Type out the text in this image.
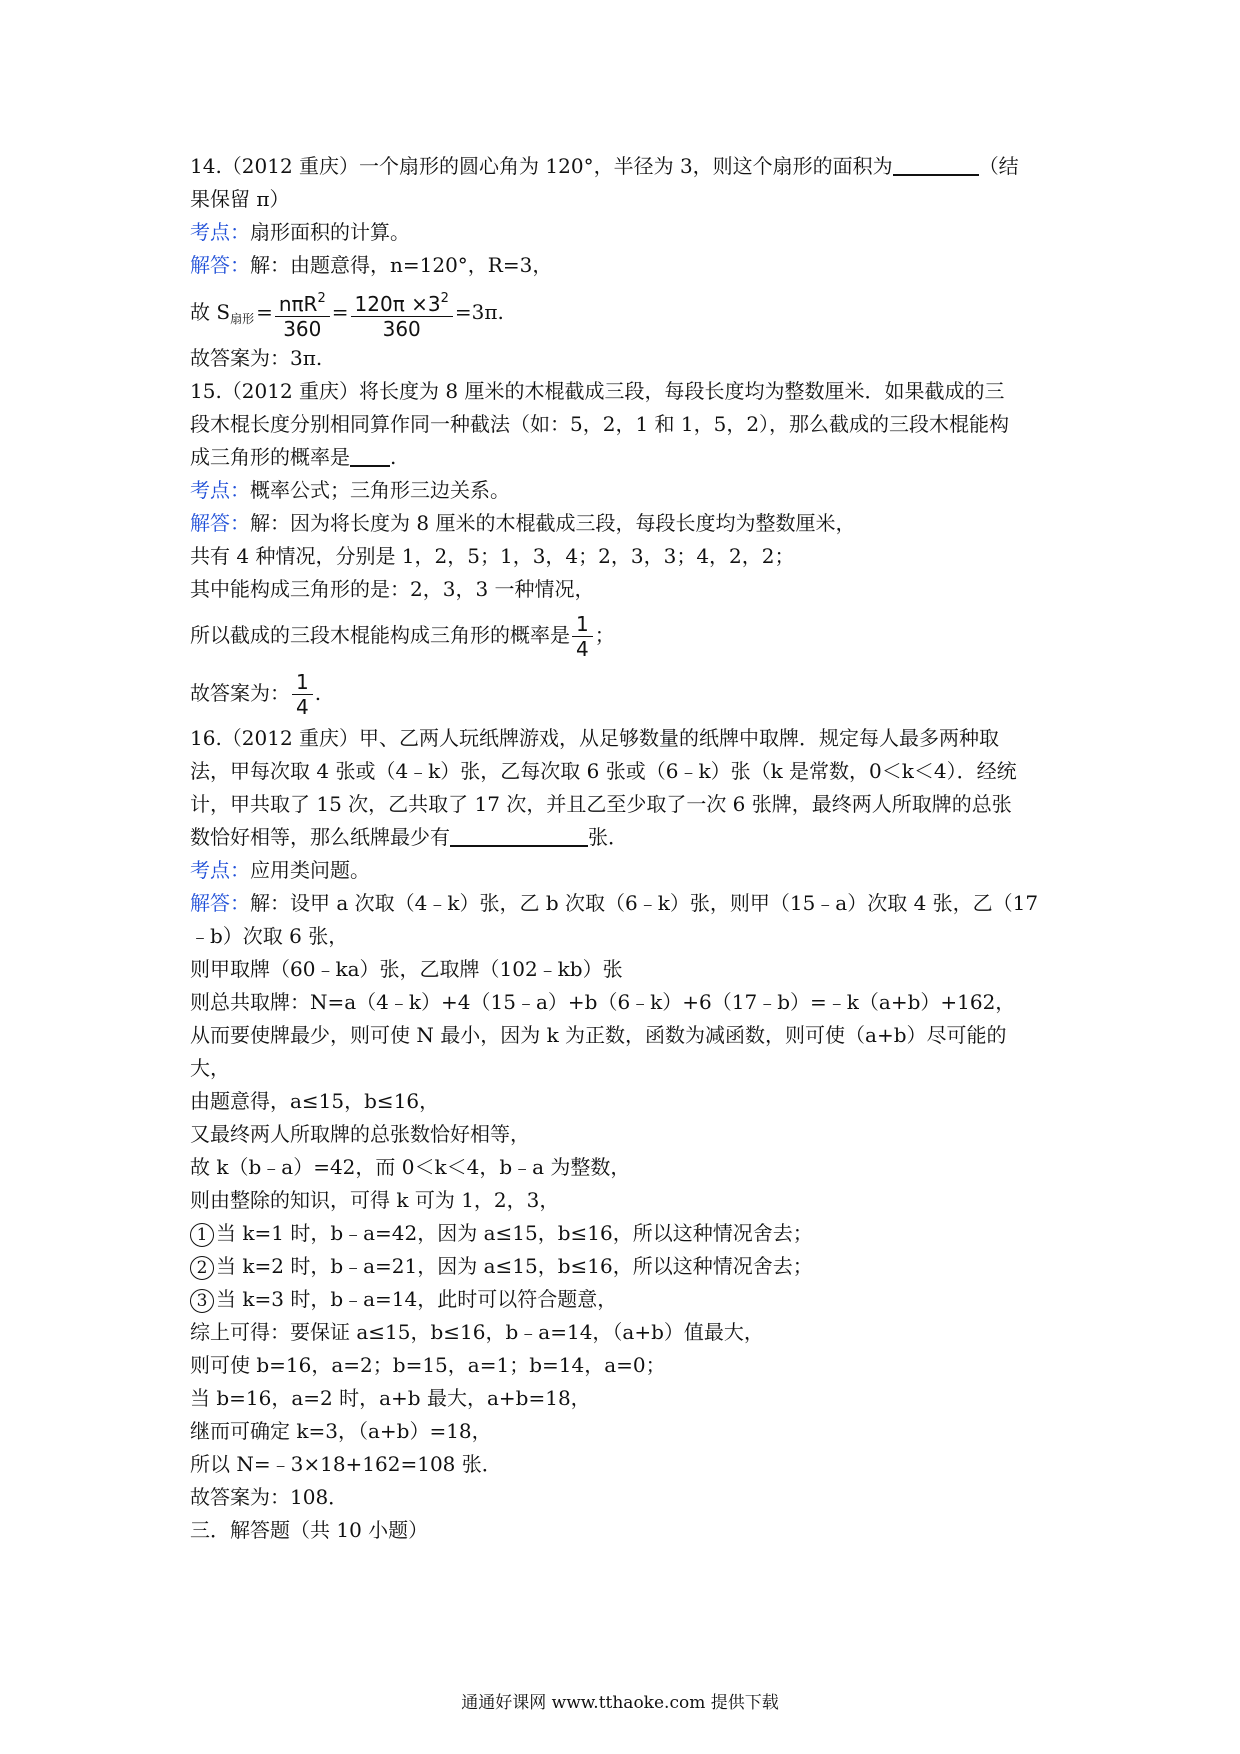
14.（2012 重庆）一个扇形的圆心角为 120°，半径为 3，则这个扇形的面积为	（结
果保留 π）
考点：扇形面积的计算。
解答：解：由题意得，n=120°，R=3，
故 $S_{扇形} = \frac{n\pi R^2}{360} = \frac{120\pi \times 3^2}{360} =3\pi$.
故答案为：3π.
15.（2012 重庆）将长度为 8 厘米的木棍截成三段，每段长度均为整数厘米．如果截成的三
段木棍长度分别相同算作同一种截法（如：5，2，1 和 1，5，2），那么截成的三段木棍能构
成三角形的概率是 .
考点：概率公式；三角形三边关系。
解答：解：因为将长度为 8 厘米的木棍截成三段，每段长度均为整数厘米，
共有 4 种情况，分别是 1，2，5；1，3，4；2，3，3；4，2，2；
其中能构成三角形的是：2，3，3 一种情况，
所以截成的三段木棍能构成三角形的概率是 $\frac{1}{4}$ ；
故答案为： $\frac{1}{4}$ .
16.（2012 重庆）甲、乙两人玩纸牌游戏，从足够数量的纸牌中取牌．规定每人最多两种取
法，甲每次取 4 张或（4﹣k）张，乙每次取 6 张或（6﹣k）张（k 是常数，0＜k＜4）．经统
计，甲共取了 15 次，乙共取了 17 次，并且乙至少取了一次 6 张牌，最终两人所取牌的总张
数恰好相等，那么纸牌最少有	张．
考点：应用类问题。
解答：解：设甲 a 次取（4﹣k）张，乙 b 次取（6﹣k）张，则甲（15﹣a）次取 4 张，乙（17
﹣b）次取 6 张，
则甲取牌（60﹣ka）张，乙取牌（102﹣kb）张
则总共取牌：N=a（4﹣k）+4（15﹣a）+b（6﹣k）+6（17﹣b）=﹣k（a+b）+162，
从而要使牌最少，则可使 N 最小，因为 k 为正数，函数为减函数，则可使（a+b）尽可能的
大，
由题意得，a≤15，b≤16，
又最终两人所取牌的总张数恰好相等，
故 k（b﹣a）=42，而 0＜k＜4，b﹣a 为整数，
则由整除的知识，可得 k 可为 1，2，3，
1 当 k=1 时，b﹣a=42，因为 a≤15，b≤16，所以这种情况舍去；
2 当 k=2 时，b﹣a=21，因为 a≤15，b≤16，所以这种情况舍去；
3 当 k=3 时，b﹣a=14，此时可以符合题意，
综上可得：要保证 a≤15，b≤16，b﹣a=14，（a+b）值最大，
则可使 b=16，a=2；b=15，a=1；b=14，a=0；
当 b=16，a=2 时，a+b 最大，a+b=18，
继而可确定 k=3，（a+b）=18，
所以 N=﹣3×18+162=108 张．
故答案为：108．
三．解答题（共 10 小题）
通通好课网 www.tthaoke.com 提供下载
